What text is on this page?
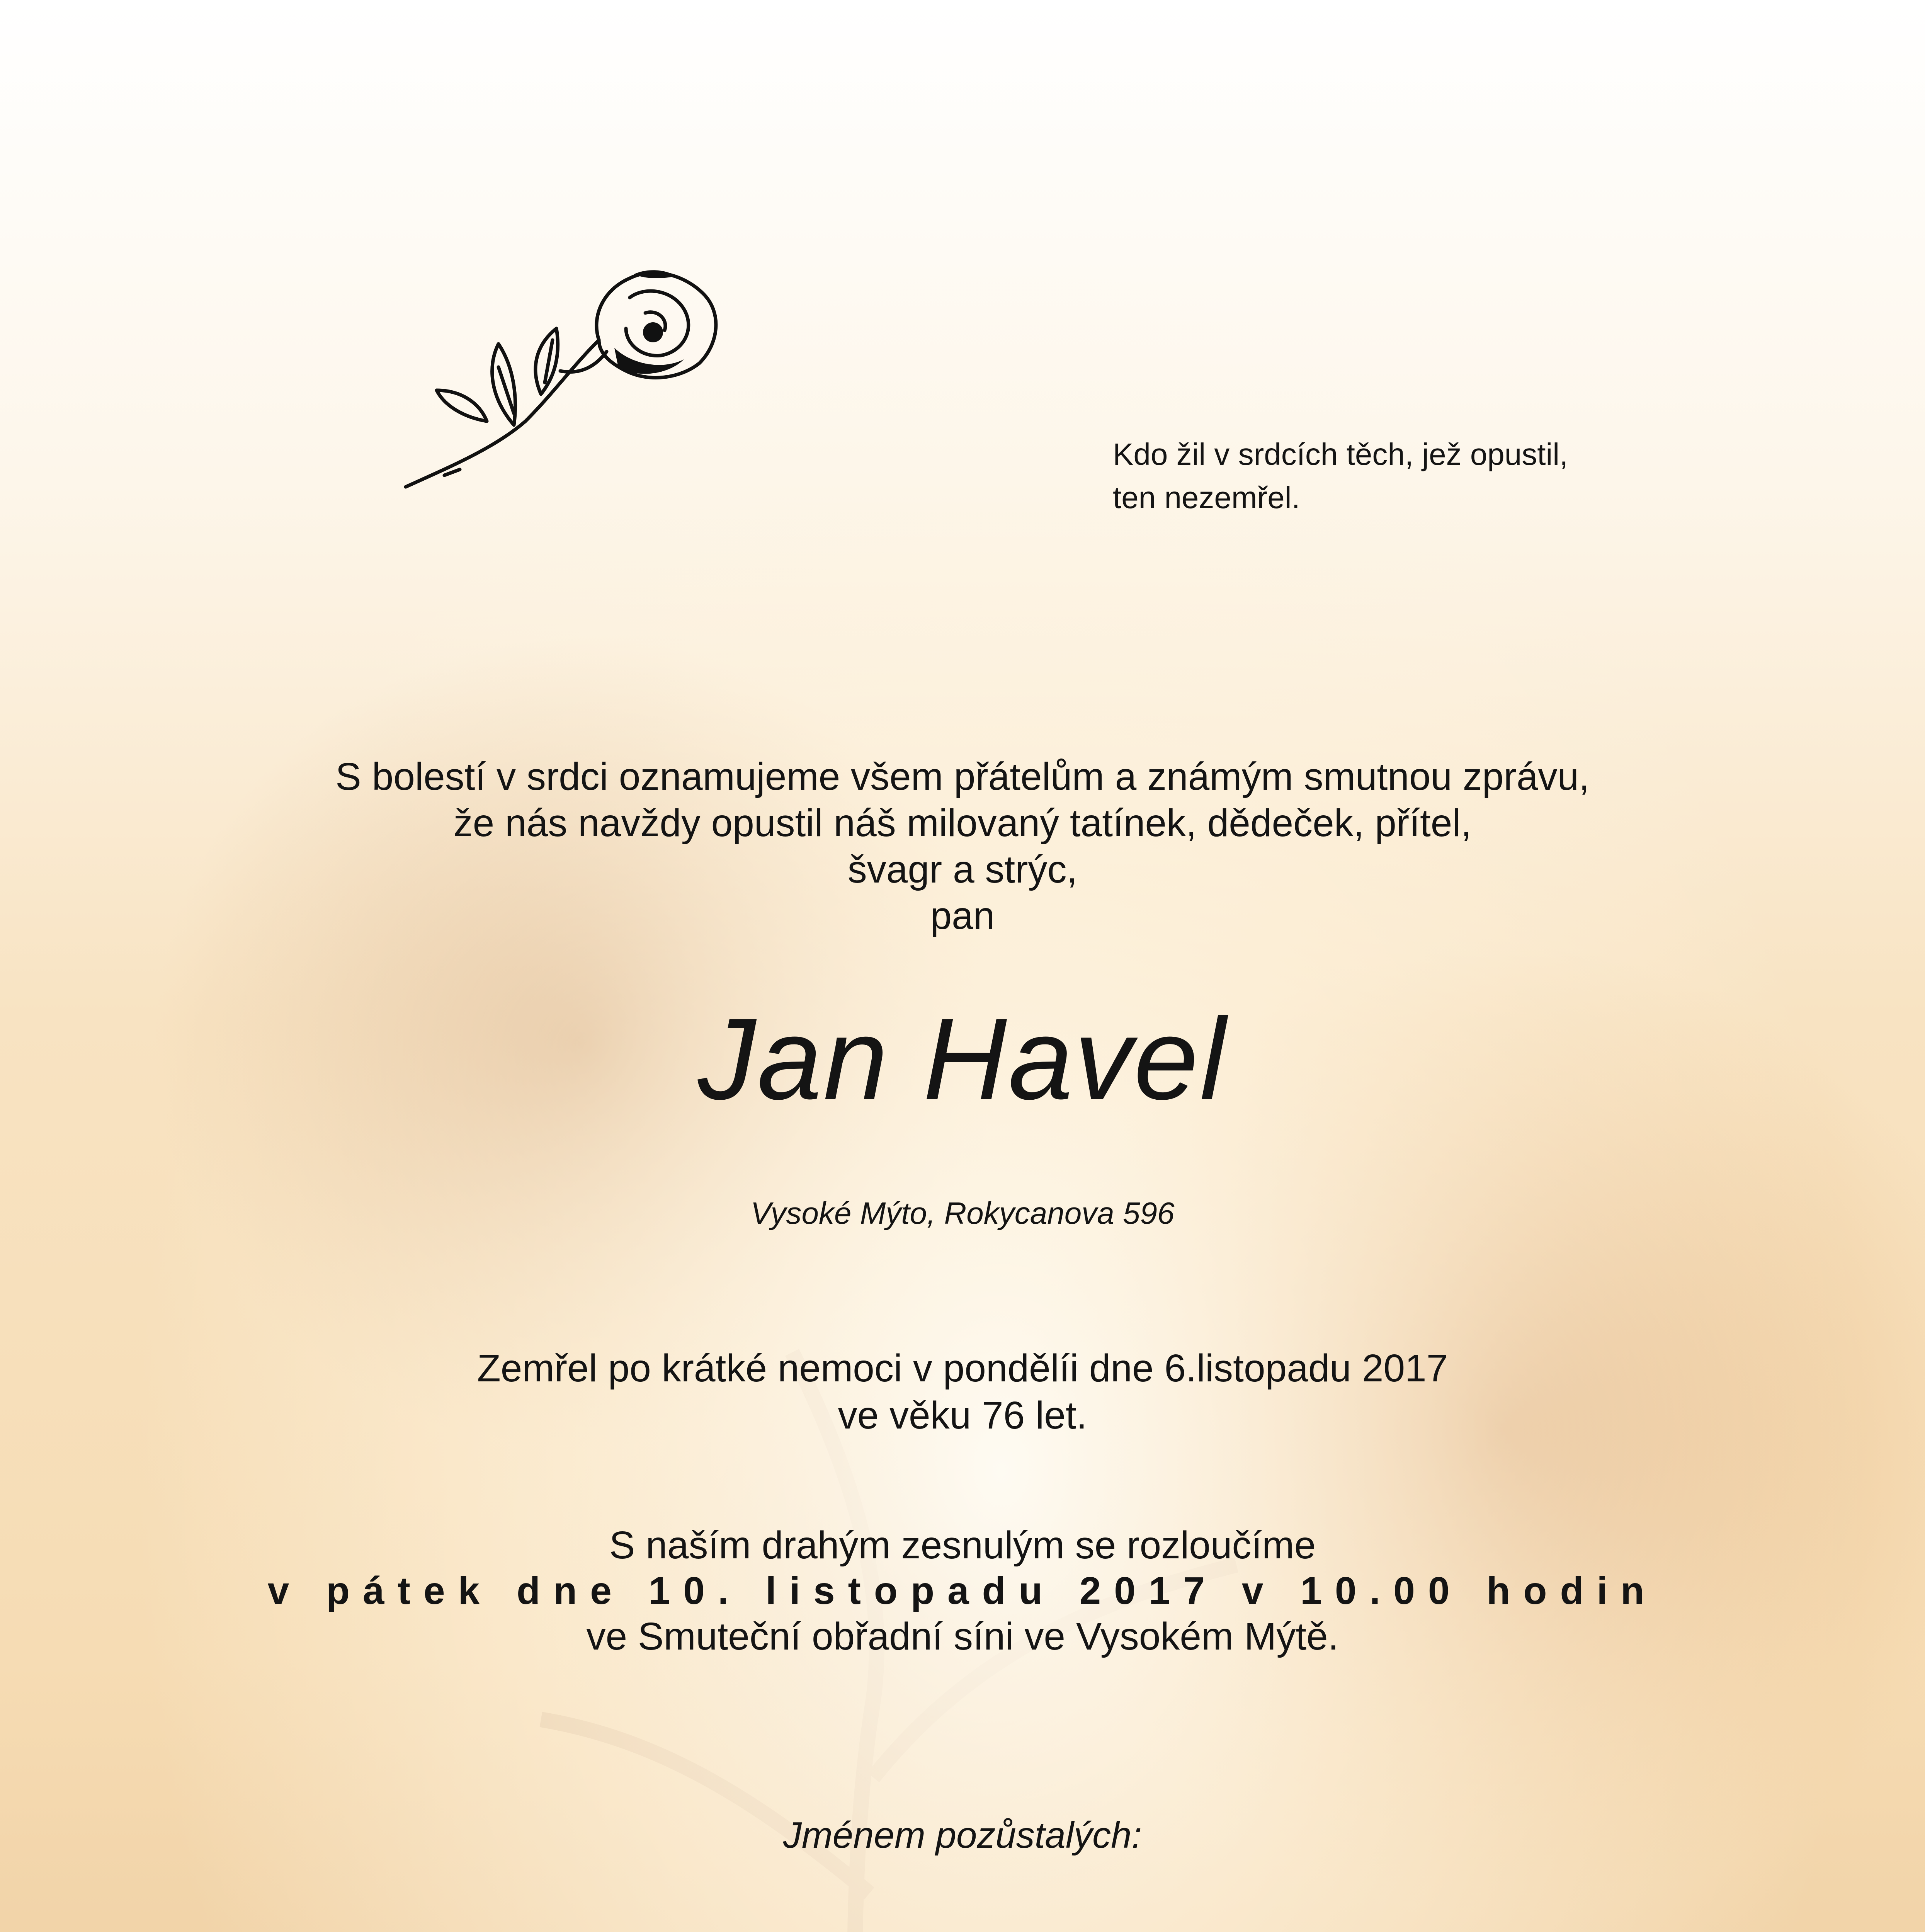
Kdo žil v srdcích těch, jež opustil,
ten nezemřel.
S bolestí v srdci oznamujeme všem přátelům a známým smutnou zprávu,
že nás navždy opustil náš milovaný tatínek, dědeček, přítel,
švagr a strýc,
pan
Jan Havel
Vysoké Mýto, Rokycanova 596
Zemřel po krátké nemoci v pondělíi dne 6.listopadu 2017
ve věku 76 let.
S naším drahým zesnulým se rozloučíme
v pátek dne 10. listopadu 2017 v 10.00 hodin
ve Smuteční obřadní síni ve Vysokém Mýtě.
Jménem pozůstalých:
